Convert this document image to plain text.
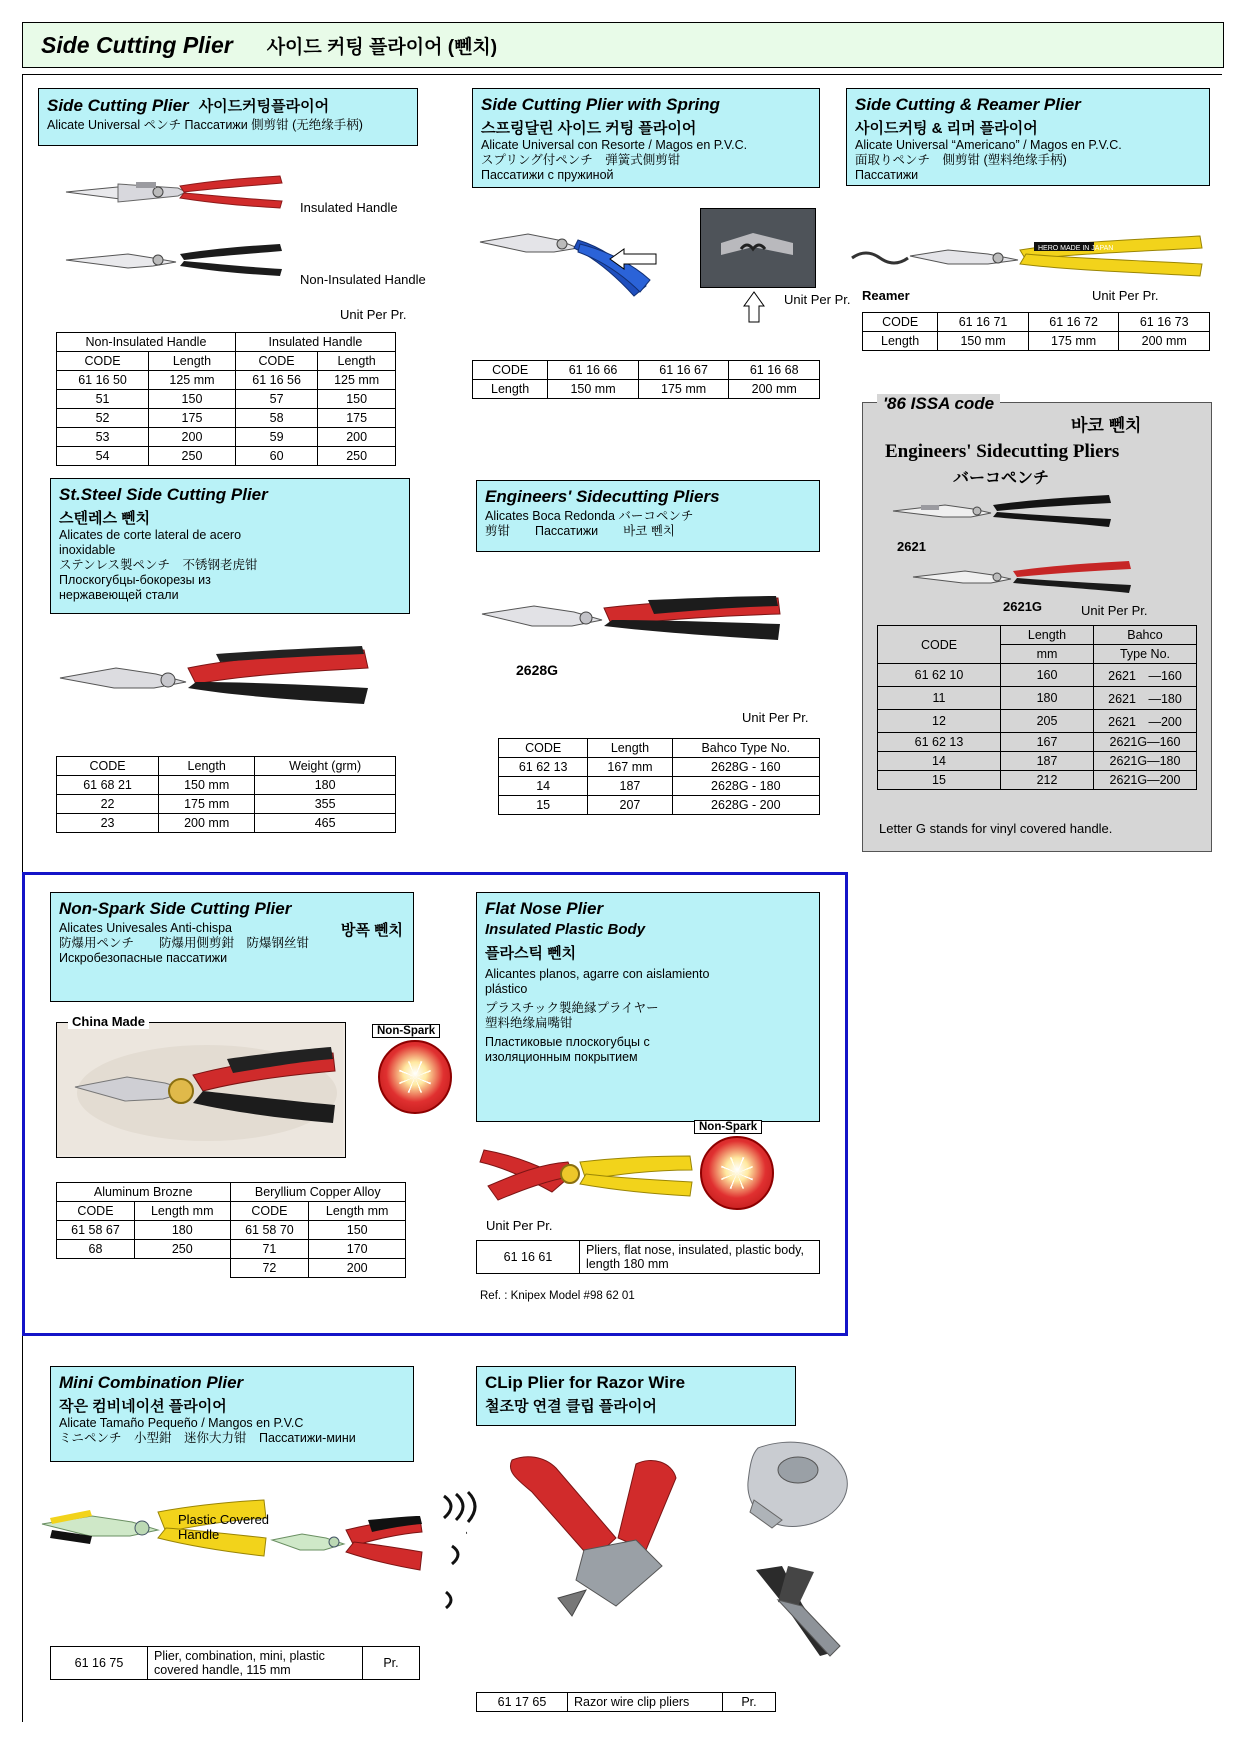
Side Cutting Plier 사이드 커팅 플라이어 (뻰치)
Side Cutting Plier 사이드커팅플라이어
Alicate Universal ペンチ Пассатижи 側剪钳 (无绝缘手柄)
Insulated Handle
Non-Insulated Handle
Unit Per Pr.
Non-Insulated Handle		Insulated Handle	
CODE	Length	CODE	Length
61 16 50	125 mm	61 16 56	125 mm
51	150	57	150
52	175	58	175
53	200	59	200
54	250	60	250
Side Cutting Plier with Spring
스프링달린 사이드 커팅 플라이어
Alicate Universal con Resorte / Magos en P.V.C.
スプリング付ペンチ　弾簧式側剪钳
Пассатижи с пружиной
Unit Per Pr.
CODE	61 16 66	61 16 67	61 16 68
Length	150 mm	175 mm	200 mm
Side Cutting & Reamer Plier
사이드커팅 & 리머 플라이어
Alicate Universal “Americano” / Magos en P.V.C.
面取りペンチ　側剪钳 (塑料绝缘手柄)
Пассатижи
HERO MADE IN JAPAN
Reamer	Unit Per Pr.
CODE	61 16 71	61 16 72	61 16 73
Length	150 mm	175 mm	200 mm
'86 ISSA code
바코 뻰치
Engineers' Sidecutting Pliers
バーコペンチ
2621
2621G	Unit Per Pr.
CODE	Length	Bahco
	mm	Type No.
61 62 10	160	2621　—160
11	180	2621　—180
12	205	2621　—200
61 62 13	167	2621G—160
14	187	2621G—180
15	212	2621G—200
Letter G stands for vinyl covered handle.
St.Steel Side Cutting Plier
스텐레스 뻰치
Alicates de corte lateral de acero
inoxidable
ステンレス製ペンチ　不锈钢老虎钳
Плоскогубцы-бокорезы из
нержавеющей стали
CODE	Length	Weight (grm)
61 68 21	150 mm	180
22	175 mm	355
23	200 mm	465
Engineers' Sidecutting Pliers
Alicates Boca Redonda バーコペンチ
剪钳　　Пассатижи　　바코 뻰치
2628G
Unit Per Pr.
CODE	Length	Bahco Type No.
61 62 13	167 mm	2628G - 160
14	187	2628G - 180
15	207	2628G - 200
Non-Spark Side Cutting Plier
Alicates Univesales Anti-chispa
防爆用ペンチ　　防爆用側剪鉗　防爆钢丝钳
Искробезопасные пассатижи
방폭 뻰치
China Made
Non-Spark
Aluminum Brozne		Beryllium Copper Alloy	
CODE	Length mm	CODE	Length mm
61 58 67	180	61 58 70	150
68	250	71	170
		72	200
Flat Nose Plier
Insulated Plastic Body
플라스틱 뻰치
Alicantes planos, agarre con aislamiento
plástico
プラスチック製絶縁プライヤー
塑料绝缘扁嘴钳
Пластиковые плоскогубцы с
изоляционным покрытием
Non-Spark
Unit Per Pr.
61 16 61	Pliers, flat nose, insulated, plastic body, length 180 mm
Ref. : Knipex Model #98 62 01
Mini Combination Plier
작은 컴비네이션 플라이어
Alicate Tamaño Pequeño / Mangos en P.V.C
ミニペンチ　小型鉗　迷你大力钳　Пассатижи-мини
Plastic Covered Handle
61 16 75	Plier, combination, mini, plastic covered handle, 115 mm	Pr.
CLip Plier for Razor Wire
철조망 연결 클립 플라이어
61 17 65	Razor wire clip pliers	Pr.
